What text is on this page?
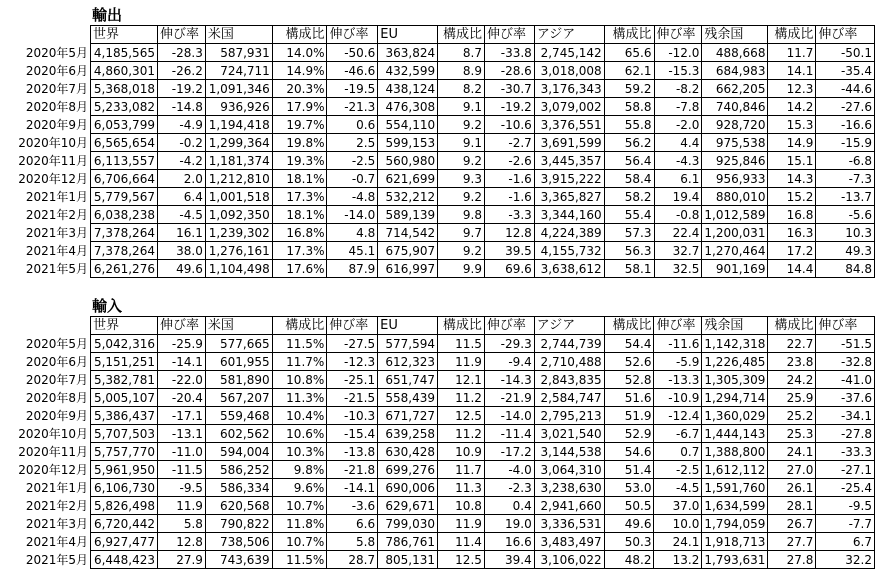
輸出
	世界	伸び率	米国	構成比	伸び率	EU	構成比	伸び率	アジア	構成比	伸び率	残余国	構成比	伸び率
2020年5月	4,185,565	-28.3	587,931	14.0%	-50.6	363,824	8.7	-33.8	2,745,142	65.6	-12.0	488,668	11.7	-50.1
2020年6月	4,860,301	-26.2	724,711	14.9%	-46.6	432,599	8.9	-28.6	3,018,008	62.1	-15.3	684,983	14.1	-35.4
2020年7月	5,368,018	-19.2	1,091,346	20.3%	-19.5	438,124	8.2	-30.7	3,176,343	59.2	-8.2	662,205	12.3	-44.6
2020年8月	5,233,082	-14.8	936,926	17.9%	-21.3	476,308	9.1	-19.2	3,079,002	58.8	-7.8	740,846	14.2	-27.6
2020年9月	6,053,799	-4.9	1,194,418	19.7%	0.6	554,110	9.2	-10.6	3,376,551	55.8	-2.0	928,720	15.3	-16.6
2020年10月	6,565,654	-0.2	1,299,364	19.8%	2.5	599,153	9.1	-2.7	3,691,599	56.2	4.4	975,538	14.9	-15.9
2020年11月	6,113,557	-4.2	1,181,374	19.3%	-2.5	560,980	9.2	-2.6	3,445,357	56.4	-4.3	925,846	15.1	-6.8
2020年12月	6,706,664	2.0	1,212,810	18.1%	-0.7	621,699	9.3	-1.6	3,915,222	58.4	6.1	956,933	14.3	-7.3
2021年1月	5,779,567	6.4	1,001,518	17.3%	-4.8	532,212	9.2	-1.6	3,365,827	58.2	19.4	880,010	15.2	-13.7
2021年2月	6,038,238	-4.5	1,092,350	18.1%	-14.0	589,139	9.8	-3.3	3,344,160	55.4	-0.8	1,012,589	16.8	-5.6
2021年3月	7,378,264	16.1	1,239,302	16.8%	4.8	714,542	9.7	12.8	4,224,389	57.3	22.4	1,200,031	16.3	10.3
2021年4月	7,378,264	38.0	1,276,161	17.3%	45.1	675,907	9.2	39.5	4,155,732	56.3	32.7	1,270,464	17.2	49.3
2021年5月	6,261,276	49.6	1,104,498	17.6%	87.9	616,997	9.9	69.6	3,638,612	58.1	32.5	901,169	14.4	84.8
輸入
	世界	伸び率	米国	構成比	伸び率	EU	構成比	伸び率	アジア	構成比	伸び率	残余国	構成比	伸び率
2020年5月	5,042,316	-25.9	577,665	11.5%	-27.5	577,594	11.5	-29.3	2,744,739	54.4	-11.6	1,142,318	22.7	-51.5
2020年6月	5,151,251	-14.1	601,955	11.7%	-12.3	612,323	11.9	-9.4	2,710,488	52.6	-5.9	1,226,485	23.8	-32.8
2020年7月	5,382,781	-22.0	581,890	10.8%	-25.1	651,747	12.1	-14.3	2,843,835	52.8	-13.3	1,305,309	24.2	-41.0
2020年8月	5,005,107	-20.4	567,207	11.3%	-21.5	558,439	11.2	-21.9	2,584,747	51.6	-10.9	1,294,714	25.9	-37.6
2020年9月	5,386,437	-17.1	559,468	10.4%	-10.3	671,727	12.5	-14.0	2,795,213	51.9	-12.4	1,360,029	25.2	-34.1
2020年10月	5,707,503	-13.1	602,562	10.6%	-15.4	639,258	11.2	-11.4	3,021,540	52.9	-6.7	1,444,143	25.3	-27.8
2020年11月	5,757,770	-11.0	594,004	10.3%	-13.8	630,428	10.9	-17.2	3,144,538	54.6	0.7	1,388,800	24.1	-33.3
2020年12月	5,961,950	-11.5	586,252	9.8%	-21.8	699,276	11.7	-4.0	3,064,310	51.4	-2.5	1,612,112	27.0	-27.1
2021年1月	6,106,730	-9.5	586,334	9.6%	-14.1	690,006	11.3	-2.3	3,238,630	53.0	-4.5	1,591,760	26.1	-25.4
2021年2月	5,826,498	11.9	620,568	10.7%	-3.6	629,671	10.8	0.4	2,941,660	50.5	37.0	1,634,599	28.1	-9.5
2021年3月	6,720,442	5.8	790,822	11.8%	6.6	799,030	11.9	19.0	3,336,531	49.6	10.0	1,794,059	26.7	-7.7
2021年4月	6,927,477	12.8	738,506	10.7%	5.8	786,761	11.4	16.6	3,483,497	50.3	24.1	1,918,713	27.7	6.7
2021年5月	6,448,423	27.9	743,639	11.5%	28.7	805,131	12.5	39.4	3,106,022	48.2	13.2	1,793,631	27.8	32.2
